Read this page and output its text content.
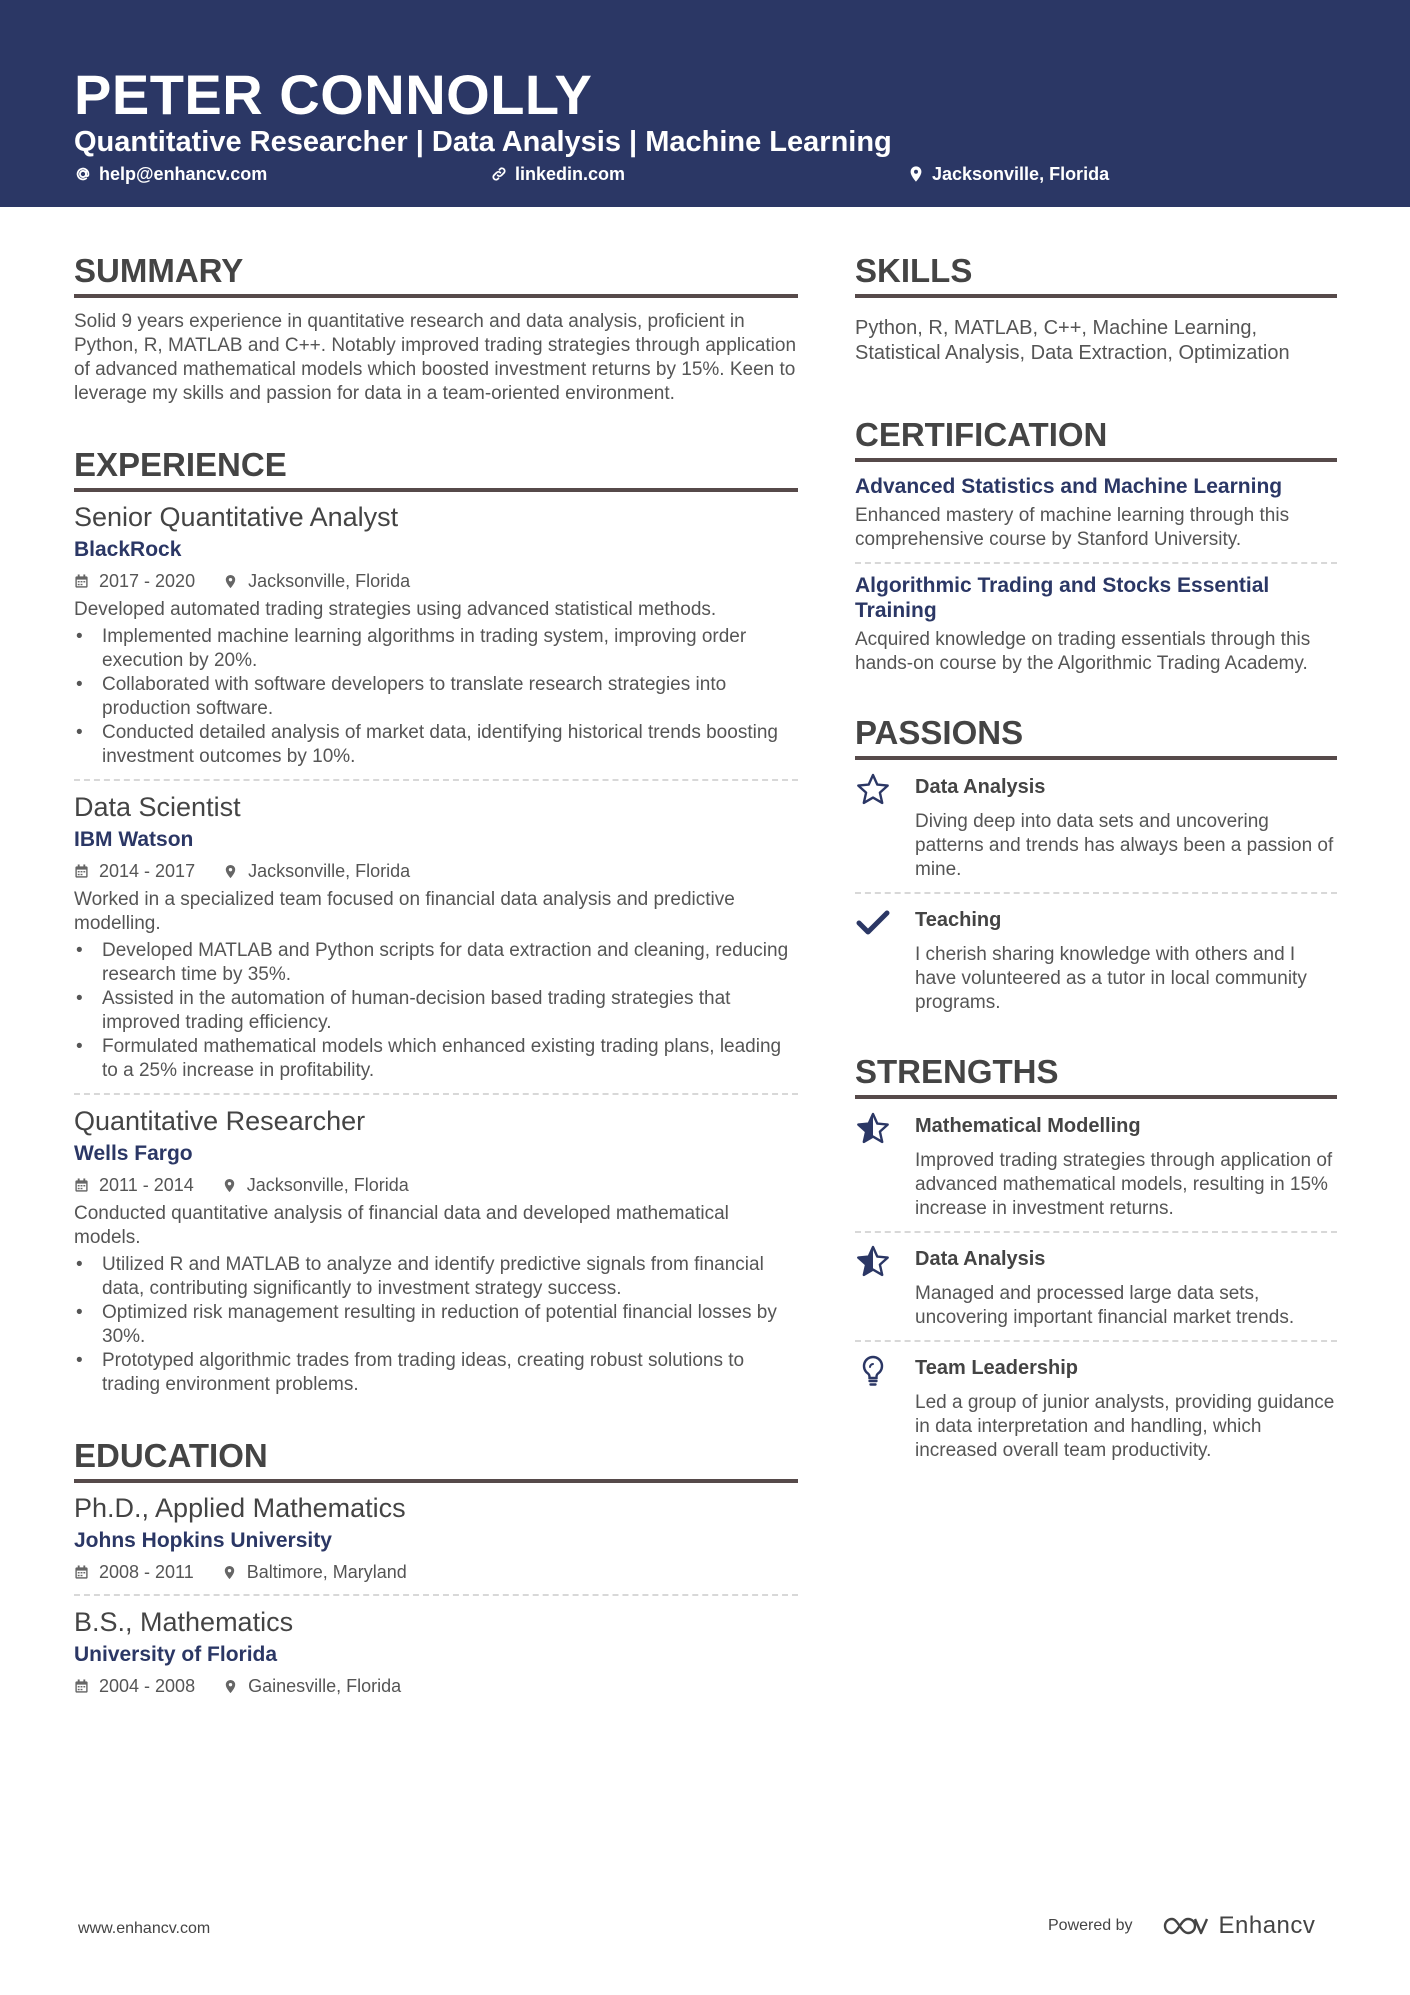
PETER CONNOLLY
Quantitative Researcher | Data Analysis | Machine Learning
help@enhancv.com	linkedin.com	Jacksonville, Florida
SUMMARY

Solid 9 years experience in quantitative research and data analysis, proficient in Python, R, MATLAB and C++. Notably improved trading strategies through application of advanced mathematical models which boosted investment returns by 15%. Keen to leverage my skills and passion for data in a team-oriented environment.

EXPERIENCE
Senior Quantitative Analyst
BlackRock
2017 - 2020	Jacksonville, Florida

Developed automated trading strategies using advanced statistical methods.

• Implemented machine learning algorithms in trading system, improving order execution by 20%.
• Collaborated with software developers to translate research strategies into production software.
• Conducted detailed analysis of market data, identifying historical trends boosting investment outcomes by 10%.
Data Scientist
IBM Watson
2014 - 2017	Jacksonville, Florida

Worked in a specialized team focused on financial data analysis and predictive modelling.

• Developed MATLAB and Python scripts for data extraction and cleaning, reducing research time by 35%.
• Assisted in the automation of human-decision based trading strategies that improved trading efficiency.
• Formulated mathematical models which enhanced existing trading plans, leading to a 25% increase in profitability.
Quantitative Researcher
Wells Fargo
2011 - 2014	Jacksonville, Florida

Conducted quantitative analysis of financial data and developed mathematical models.

• Utilized R and MATLAB to analyze and identify predictive signals from financial data, contributing significantly to investment strategy success.
• Optimized risk management resulting in reduction of potential financial losses by 30%.
• Prototyped algorithmic trades from trading ideas, creating robust solutions to trading environment problems.
EDUCATION
Ph.D., Applied Mathematics
Johns Hopkins University
2008 - 2011	Baltimore, Maryland
B.S., Mathematics
University of Florida
2004 - 2008	Gainesville, Florida
SKILLS

Python, R, MATLAB, C++, Machine Learning, Statistical Analysis, Data Extraction, Optimization

CERTIFICATION
Advanced Statistics and Machine Learning

Enhanced mastery of machine learning through this comprehensive course by Stanford University.

Algorithmic Trading and Stocks Essential Training

Acquired knowledge on trading essentials through this hands-on course by the Algorithmic Trading Academy.

PASSIONS
Data Analysis

Diving deep into data sets and uncovering patterns and trends has always been a passion of mine.

Teaching

I cherish sharing knowledge with others and I have volunteered as a tutor in local community programs.

STRENGTHS
Mathematical Modelling

Improved trading strategies through application of advanced mathematical models, resulting in 15% increase in investment returns.

Data Analysis

Managed and processed large data sets, uncovering important financial market trends.

Team Leadership

Led a group of junior analysts, providing guidance in data interpretation and handling, which increased overall team productivity.

www.enhancv.com	Powered by	Enhancv
